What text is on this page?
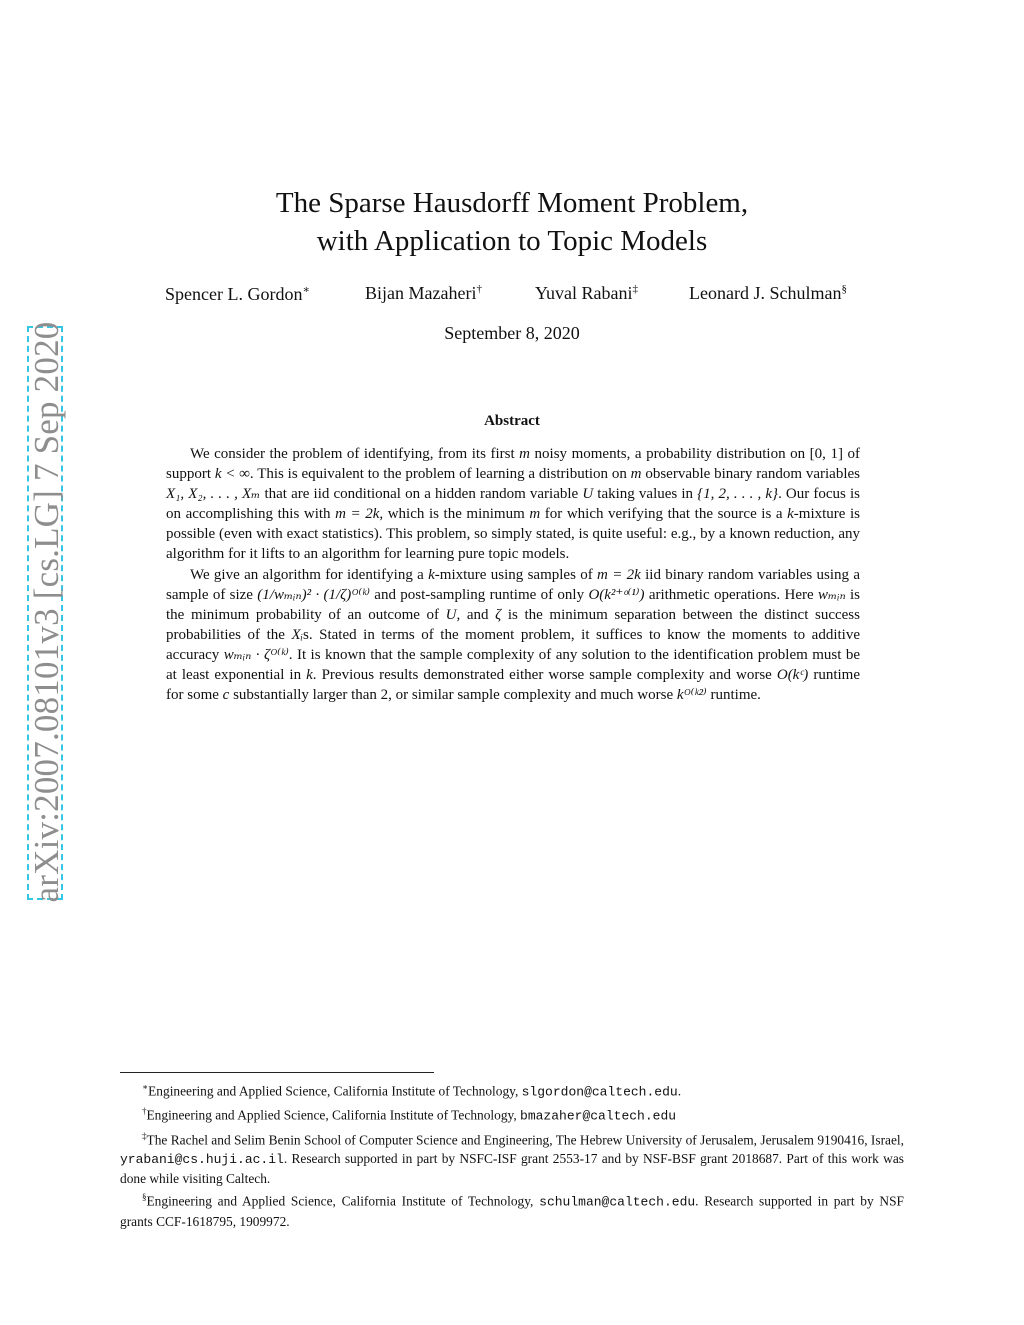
arXiv:2007.08101v3 [cs.LG] 7 Sep 2020
The Sparse Hausdorff Moment Problem,
with Application to Topic Models
Spencer L. Gordon∗	Bijan Mazaheri†	Yuval Rabani‡	Leonard J. Schulman§
September 8, 2020
Abstract

We consider the problem of identifying, from its first m noisy moments, a probability distribution on [0, 1] of support k < ∞. This is equivalent to the problem of learning a distribution on m observable binary random variables X₁, X₂, . . . , Xₘ that are iid conditional on a hidden random variable U taking values in {1, 2, . . . , k}. Our focus is on accomplishing this with m = 2k, which is the minimum m for which verifying that the source is a k-mixture is possible (even with exact statistics). This problem, so simply stated, is quite useful: e.g., by a known reduction, any algorithm for it lifts to an algorithm for learning pure topic models.

We give an algorithm for identifying a k-mixture using samples of m = 2k iid binary random variables using a sample of size (1/wₘᵢₙ)² · (1/ζ)ᴼ⁽ᵏ⁾ and post-sampling runtime of only O(k²⁺ᵒ⁽¹⁾) arithmetic operations. Here wₘᵢₙ is the minimum probability of an outcome of U, and ζ is the minimum separation between the distinct success probabilities of the Xᵢs. Stated in terms of the moment problem, it suffices to know the moments to additive accuracy wₘᵢₙ · ζᴼ⁽ᵏ⁾. It is known that the sample complexity of any solution to the identification problem must be at least exponential in k. Previous results demonstrated either worse sample complexity and worse O(kᶜ) runtime for some c substantially larger than 2, or similar sample complexity and much worse kᴼ⁽ᵏ²⁾ runtime.

∗Engineering and Applied Science, California Institute of Technology, slgordon@caltech.edu.

†Engineering and Applied Science, California Institute of Technology, bmazaher@caltech.edu

‡The Rachel and Selim Benin School of Computer Science and Engineering, The Hebrew University of Jerusalem, Jerusalem 9190416, Israel, yrabani@cs.huji.ac.il. Research supported in part by NSFC-ISF grant 2553-17 and by NSF-BSF grant 2018687. Part of this work was done while visiting Caltech.

§Engineering and Applied Science, California Institute of Technology, schulman@caltech.edu. Research supported in part by NSF grants CCF-1618795, 1909972.
